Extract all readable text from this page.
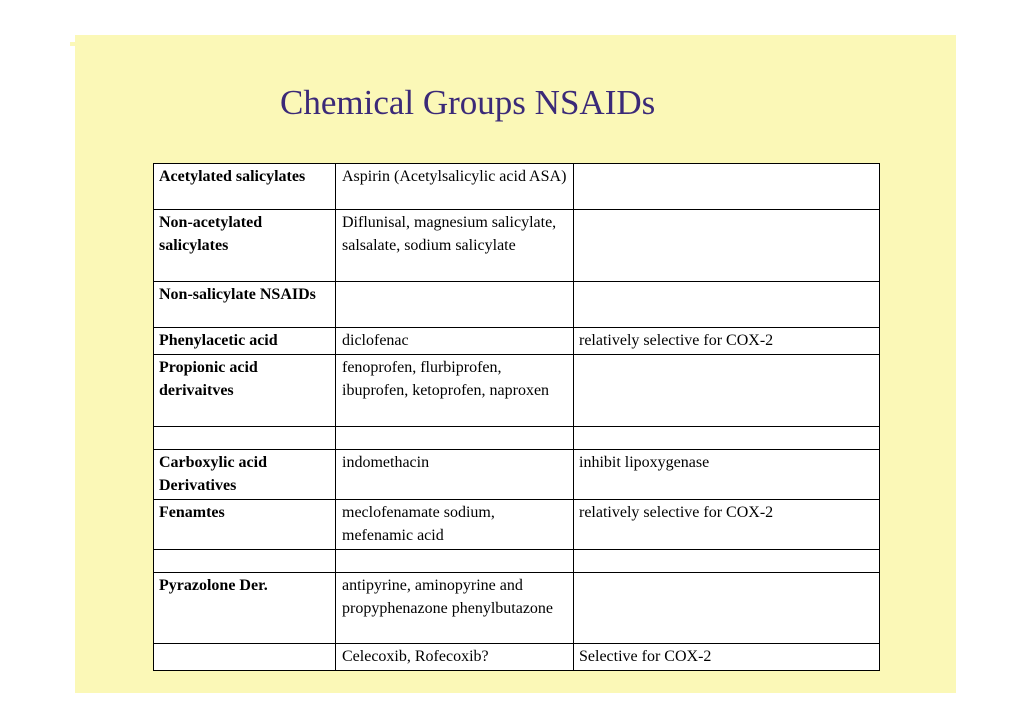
Chemical Groups NSAIDs
Acetylated salicylates	Aspirin (Acetylsalicylic acid ASA)	
Non-acetylated salicylates	Diflunisal, magnesium salicylate, salsalate, sodium salicylate	
Non-salicylate NSAIDs		
Phenylacetic acid	diclofenac	relatively selective for COX-2
Propionic acid derivaitves	fenoprofen, flurbiprofen, ibuprofen, ketoprofen, naproxen	

Carboxylic acid Derivatives	indomethacin	inhibit lipoxygenase
Fenamtes	meclofenamate sodium, mefenamic acid	relatively selective for COX-2

Pyrazolone Der.	antipyrine, aminopyrine and propyphenazone phenylbutazone	
	Celecoxib, Rofecoxib?	Selective for COX-2
